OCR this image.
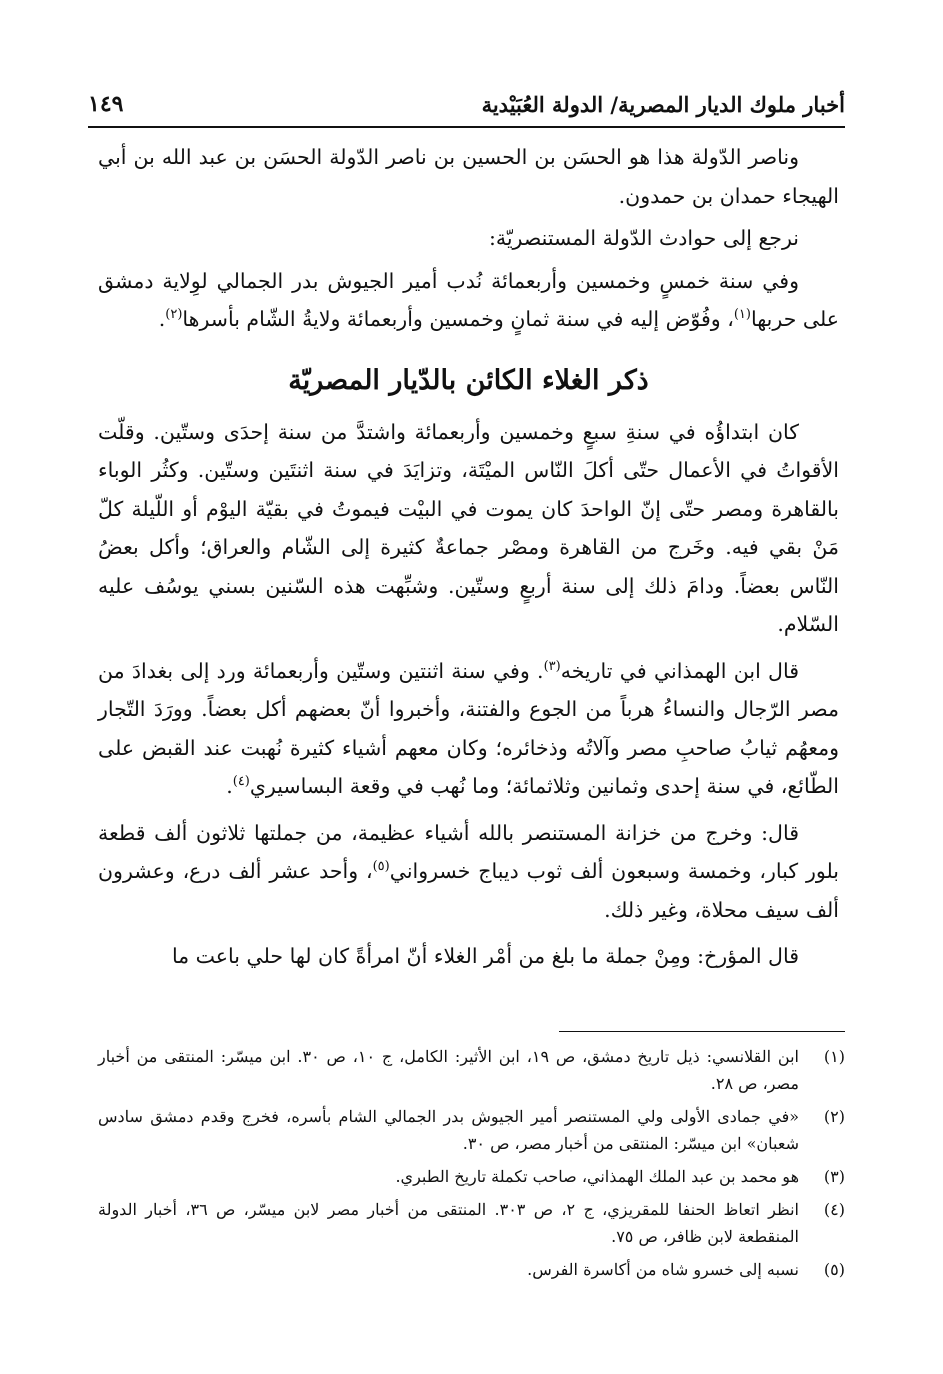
أخبار ملوك الديار المصرية/ الدولة العُبَيْدية
١٤٩

وناصر الدّولة هذا هو الحسَن بن الحسين بن ناصر الدّولة الحسَن بن عبد الله بن أبي الهيجاء حمدان بن حمدون.

نرجع إلى حوادث الدّولة المستنصريّة:

وفي سنة خمسٍ وخمسين وأربعمائة نُدب أمير الجيوش بدر الجمالي لوِلاية دمشق على حربها$^{(١)}$، وفُوّض إليه في سنة ثمانٍ وخمسين وأربعمائة ولايةُ الشّام بأسرها$^{(٢)}$.

ذكر الغلاء الكائن بالدّيار المصريّة

كان ابتداؤُه في سنةِ سبعٍ وخمسين وأربعمائة واشتدَّ من سنة إحدَى وستّين. وقلّت الأقواتُ في الأعمال حتّى أكلَ النّاس الميْتَة، وتزايَدَ في سنة اثنتَين وستّين. وكثُر الوباء بالقاهرة ومصر حتّى إنّ الواحدَ كان يموت في البيْت فيموتُ في بقيّة اليوْم أو اللّيلة كلّ مَنْ بقي فيه. وخَرج من القاهرة ومصْر جماعةٌ كثيرة إلى الشّام والعراق؛ وأكل بعضُ النّاس بعضاً. ودامَ ذلك إلى سنة أربعٍ وستّين. وشبِّهت هذه السّنين بسني يوسُف عليه السّلام.

قال ابن الهمذاني في تاريخه$^{(٣)}$. وفي سنة اثنتين وستّين وأربعمائة ورد إلى بغدادَ من مصر الرّجال والنساءُ هرباً من الجوع والفتنة، وأخبروا أنّ بعضهم أكل بعضاً. وورَدَ التّجار ومعهُم ثيابُ صاحبِ مصر وآلاتُه وذخائره؛ وكان معهم أشياء كثيرة نُهبت عند القبض على الطّائع، في سنة إحدى وثمانين وثلاثمائة؛ وما نُهب في وقعة البساسيري$^{(٤)}$.

قال: وخرج من خزانة المستنصر بالله أشياء عظيمة، من جملتها ثلاثون ألف قطعة بلور كبار، وخمسة وسبعون ألف ثوب ديباج خسرواني$^{(٥)}$، وأحد عشر ألف درع، وعشرون ألف سيف محلاة، وغير ذلك.

قال المؤرخ: ومِنْ جملة ما بلغ من أمْر الغلاء أنّ امرأةً كان لها حلي باعت ما

(١)
ابن القلانسي: ذيل تاريخ دمشق، ص ١٩، ابن الأثير: الكامل، ج ١٠، ص ٣٠. ابن ميسّر: المنتقى من أخبار مصر، ص ٢٨.
(٢)
«في جمادى الأولى ولي المستنصر أمير الجيوش بدر الجمالي الشام بأسره، فخرج وقدم دمشق سادس شعبان» ابن ميسّر: المنتقى من أخبار مصر، ص ٣٠.
(٣)
هو محمد بن عبد الملك الهمذاني، صاحب تكملة تاريخ الطبري.
(٤)
انظر اتعاظ الحنفا للمقريزي، ج ٢، ص ٣٠٣. المنتقى من أخبار مصر لابن ميسّر، ص ٣٦، أخبار الدولة المنقطعة لابن ظافر، ص ٧٥.
(٥)
نسبه إلى خسرو شاه من أكاسرة الفرس.
